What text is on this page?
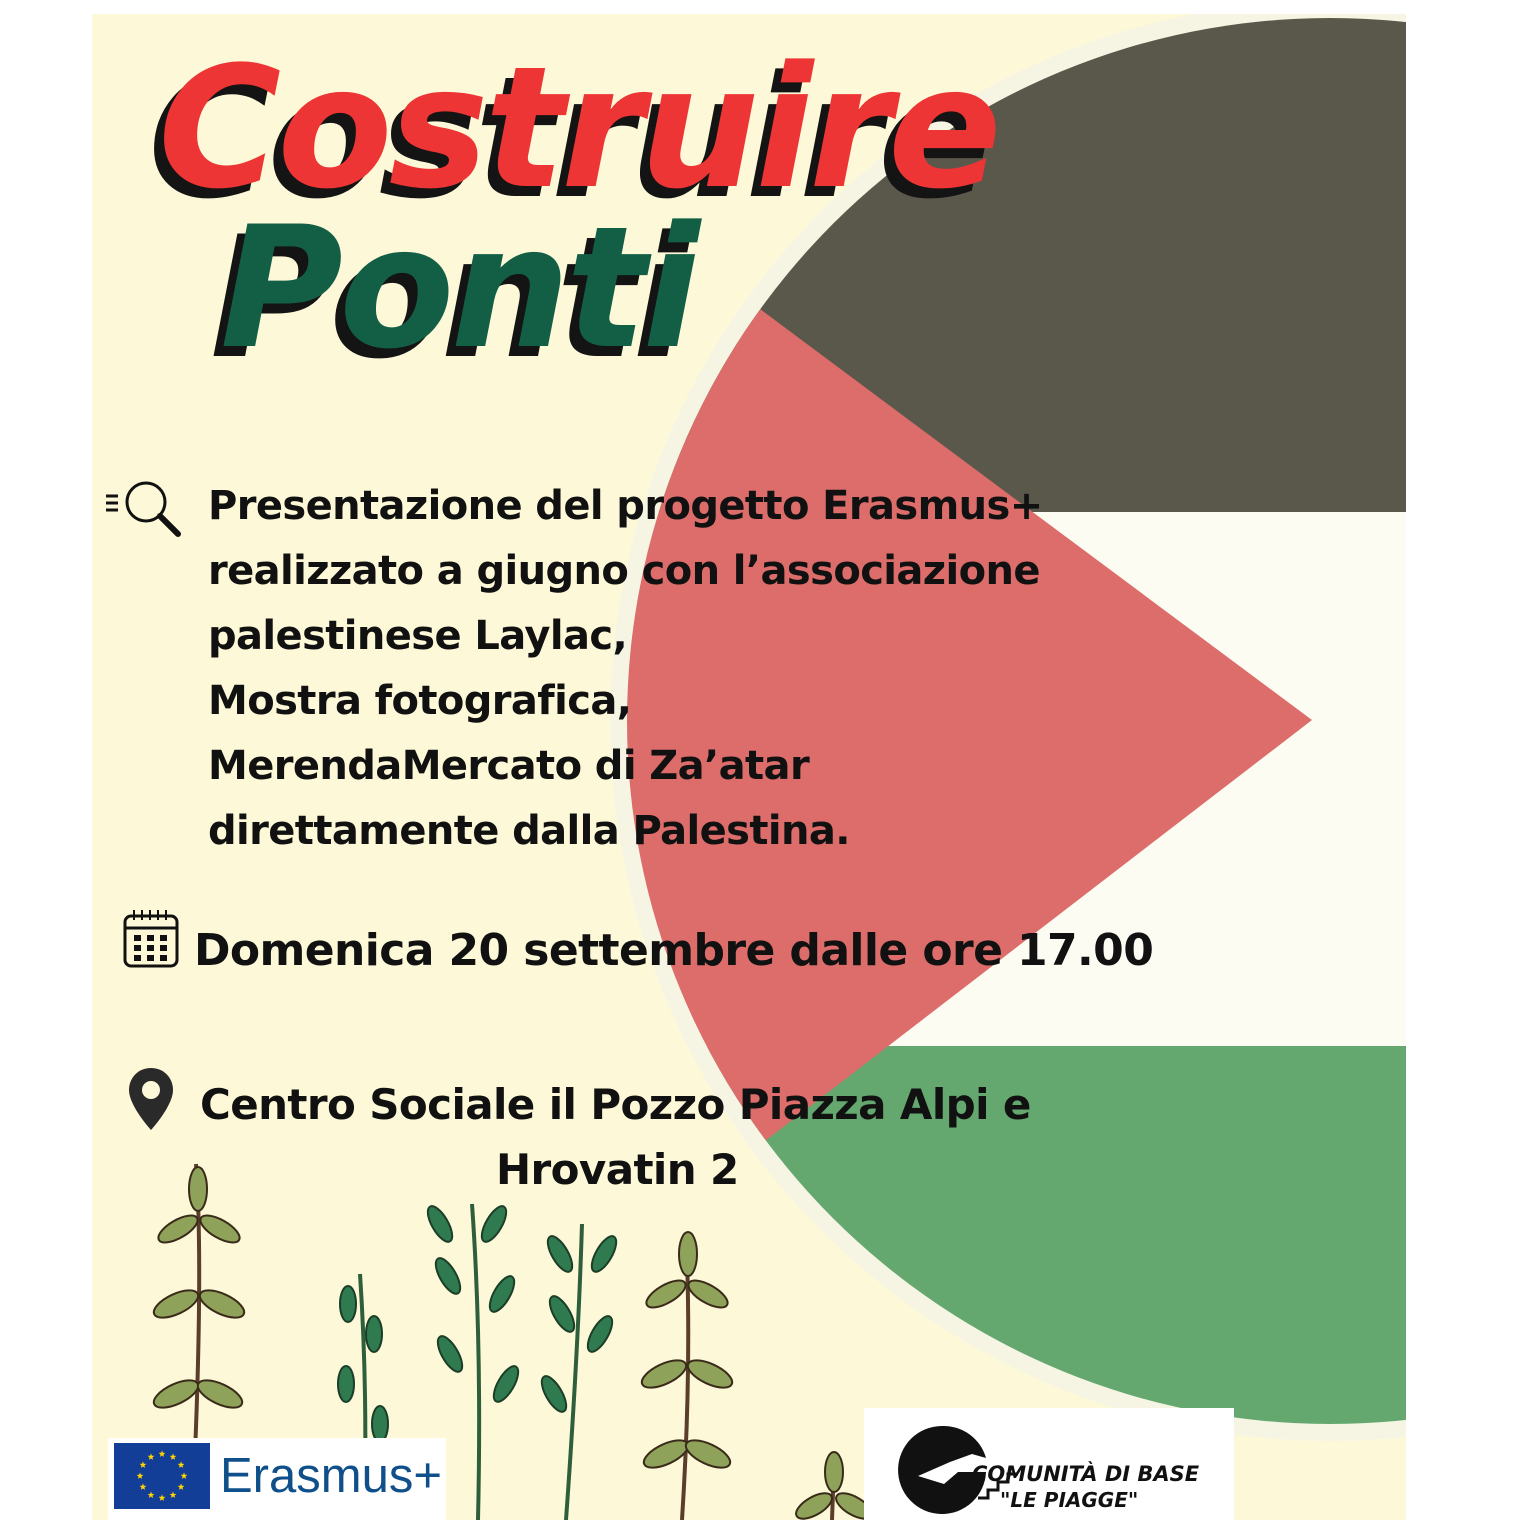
Costruire
Ponti
Presentazione del progetto Erasmus+
realizzato a giugno con l’associazione
palestinese Laylac,
Mostra fotografica,
MerendaMercato di Za’atar
direttamente dalla Palestina.
Domenica 20 settembre dalle ore 17.00
Centro Sociale il Pozzo Piazza Alpi e
Hrovatin 2
Erasmus+	COMUNITÀ DI BASE
"LE PIAGGE"
